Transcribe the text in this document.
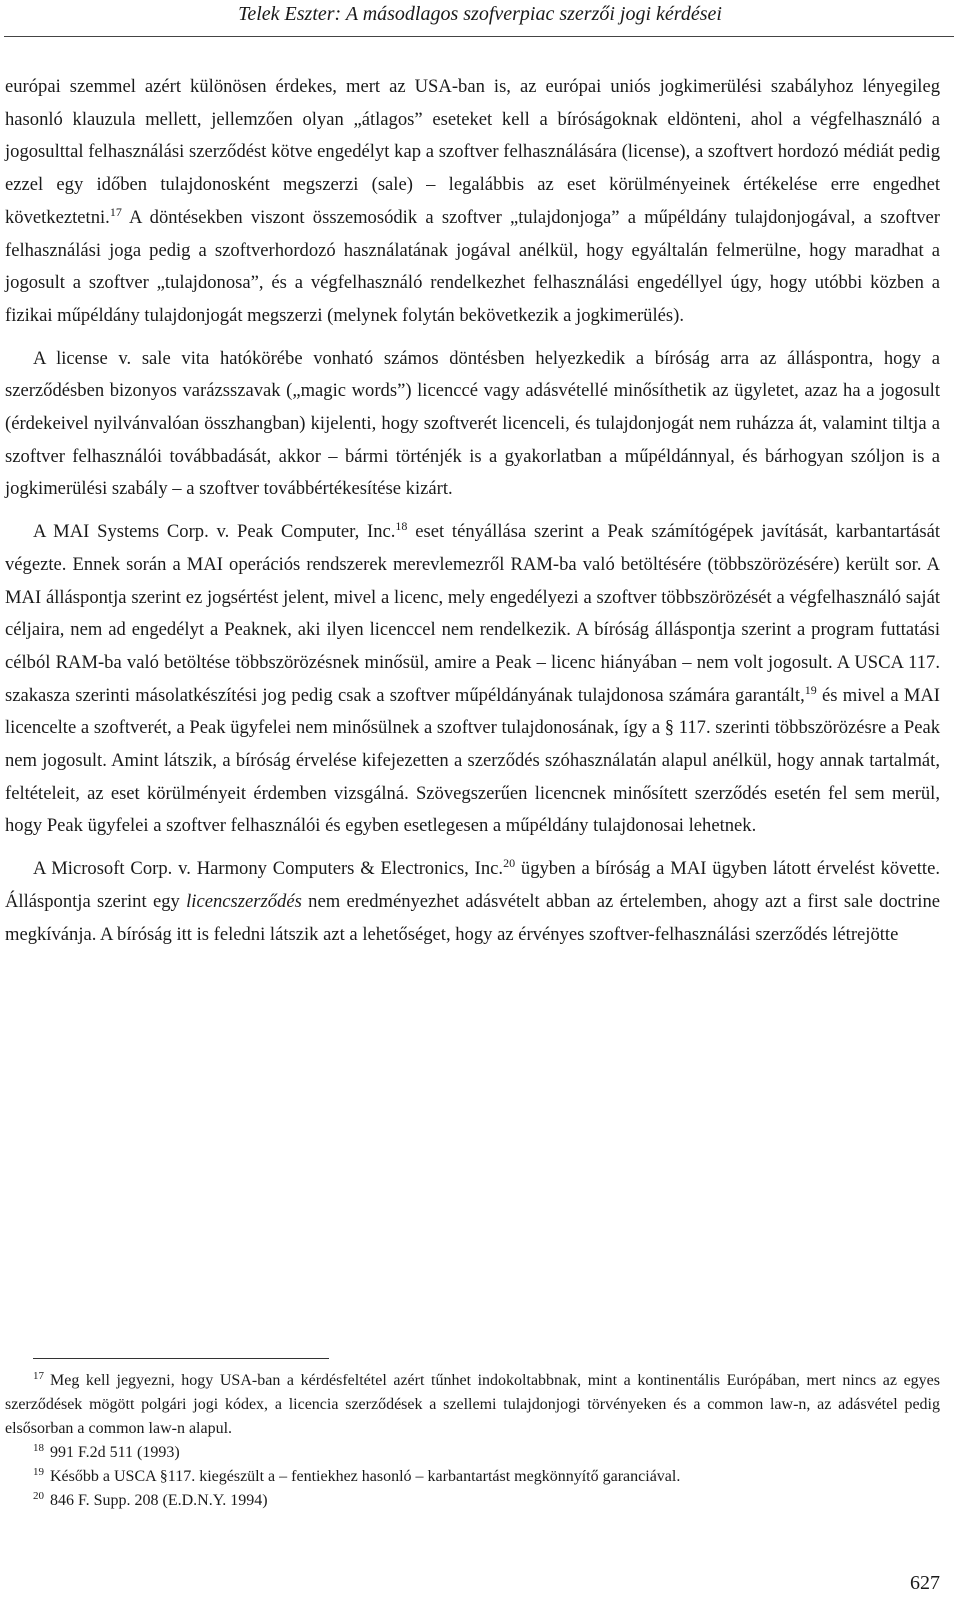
Telek Eszter: A másodlagos szofverpiac szerzői jogi kérdései

európai szemmel azért különösen érdekes, mert az USA-ban is, az európai uniós jogkimerülési szabályhoz lényegileg hasonló klauzula mellett, jellemzően olyan „átlagos” eseteket kell a bíróságoknak eldönteni, ahol a végfelhasználó a jogosulttal felhasználási szerződést kötve engedélyt kap a szoftver felhasználására (license), a szoftvert hordozó médiát pedig ezzel egy időben tulajdonosként megszerzi (sale) – legalábbis az eset körülményeinek értékelése erre engedhet következtetni.$^{17}$ A döntésekben viszont összemosódik a szoftver „tulajdonjoga” a műpéldány tulajdonjogával, a szoftver felhasználási joga pedig a szoftverhordozó használatának jogával anélkül, hogy egyáltalán felmerülne, hogy maradhat a jogosult a szoftver „tulajdonosa”, és a végfelhasználó rendelkezhet felhasználási engedéllyel úgy, hogy utóbbi közben a fizikai műpéldány tulajdonjogát megszerzi (melynek folytán bekövetkezik a jogkimerülés).

A license v. sale vita hatókörébe vonható számos döntésben helyezkedik a bíróság arra az álláspontra, hogy a szerződésben bizonyos varázsszavak („magic words”) licenccé vagy adásvétellé minősíthetik az ügyletet, azaz ha a jogosult (érdekeivel nyilvánvalóan összhangban) kijelenti, hogy szoftverét licenceli, és tulajdonjogát nem ruházza át, valamint tiltja a szoftver felhasználói továbbadását, akkor – bármi történjék is a gyakorlatban a műpéldánnyal, és bárhogyan szóljon is a jogkimerülési szabály – a szoftver továbbértékesítése kizárt.

A MAI Systems Corp. v. Peak Computer, Inc.$^{18}$ eset tényállása szerint a Peak számítógépek javítását, karbantartását végezte. Ennek során a MAI operációs rendszerek merevlemezről RAM-ba való betöltésére (többszörözésére) került sor. A MAI álláspontja szerint ez jogsértést jelent, mivel a licenc, mely engedélyezi a szoftver többszörözését a végfelhasználó saját céljaira, nem ad engedélyt a Peaknek, aki ilyen licenccel nem rendelkezik. A bíróság álláspontja szerint a program futtatási célból RAM-ba való betöltése többszörözésnek minősül, amire a Peak – licenc hiányában – nem volt jogosult. A USCA 117. szakasza szerinti másolatkészítési jog pedig csak a szoftver műpéldányának tulajdonosa számára garantált,$^{19}$ és mivel a MAI licencelte a szoftverét, a Peak ügyfelei nem minősülnek a szoftver tulajdonosának, így a § 117. szerinti többszörözésre a Peak nem jogosult. Amint látszik, a bíróság érvelése kifejezetten a szerződés szóhasználatán alapul anélkül, hogy annak tartalmát, feltételeit, az eset körülményeit érdemben vizsgálná. Szövegszerűen licencnek minősített szerződés esetén fel sem merül, hogy Peak ügyfelei a szoftver felhasználói és egyben esetlegesen a műpéldány tulajdonosai lehetnek.

A Microsoft Corp. v. Harmony Computers & Electronics, Inc.$^{20}$ ügyben a bíróság a MAI ügyben látott érvelést követte. Álláspontja szerint egy licencszerződés nem eredményezhet adásvételt abban az értelemben, ahogy azt a first sale doctrine megkívánja. A bíróság itt is feledni látszik azt a lehetőséget, hogy az érvényes szoftver-felhasználási szerződés létrejötte

$^{17}$ Meg kell jegyezni, hogy USA-ban a kérdésfeltétel azért tűnhet indokoltabbnak, mint a kontinentális Európában, mert nincs az egyes szerződések mögött polgári jogi kódex, a licencia szerződések a szellemi tulajdonjogi törvényeken és a common law-n, az adásvétel pedig elsősorban a common law-n alapul.

$^{18}$ 991 F.2d 511 (1993)

$^{19}$ Később a USCA §117. kiegészült a – fentiekhez hasonló – karbantartást megkönnyítő garanciával.

$^{20}$ 846 F. Supp. 208 (E.D.N.Y. 1994)

627
